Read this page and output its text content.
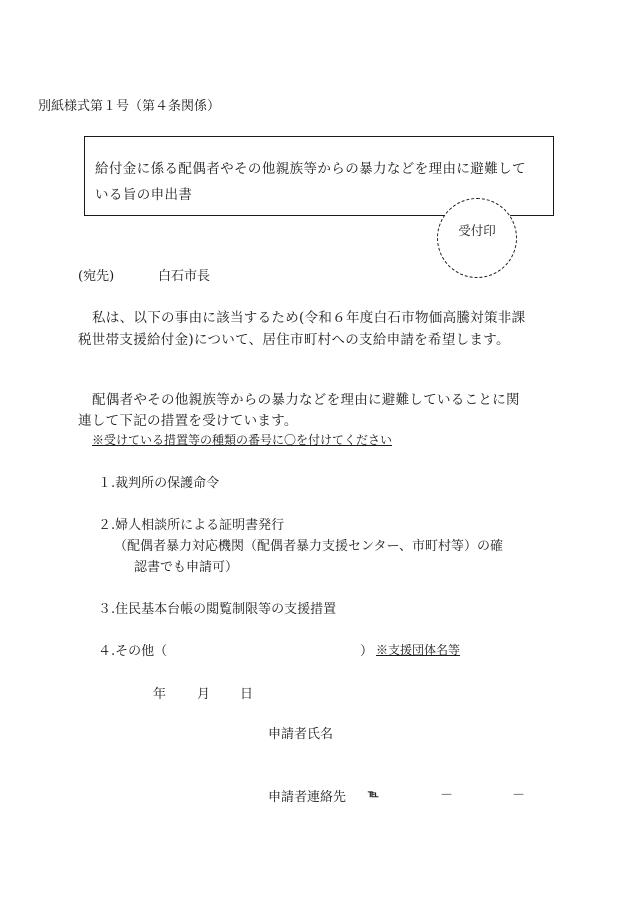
別紙様式第１号（第４条関係）
給付金に係る配偶者やその他親族等からの暴力などを理由に避難して
いる旨の申出書
受付印
(宛先)	白石市長
私は、以下の事由に該当するため(令和６年度白石市物価高騰対策非課
税世帯支援給付金)について、居住市町村への支給申請を希望します。
配偶者やその他親族等からの暴力などを理由に避難していることに関
連して下記の措置を受けています。
※受けている措置等の種類の番号に〇を付けてください
１.裁判所の保護命令
２.婦人相談所による証明書発行
（配偶者暴力対応機関（配偶者暴力支援センター、市町村等）の確
認書でも申請可）
３.住民基本台帳の閲覧制限等の支援措置
４.その他（	） ※支援団体名等
年 月 日
申請者氏名
申請者連絡先 ℡	－	－
